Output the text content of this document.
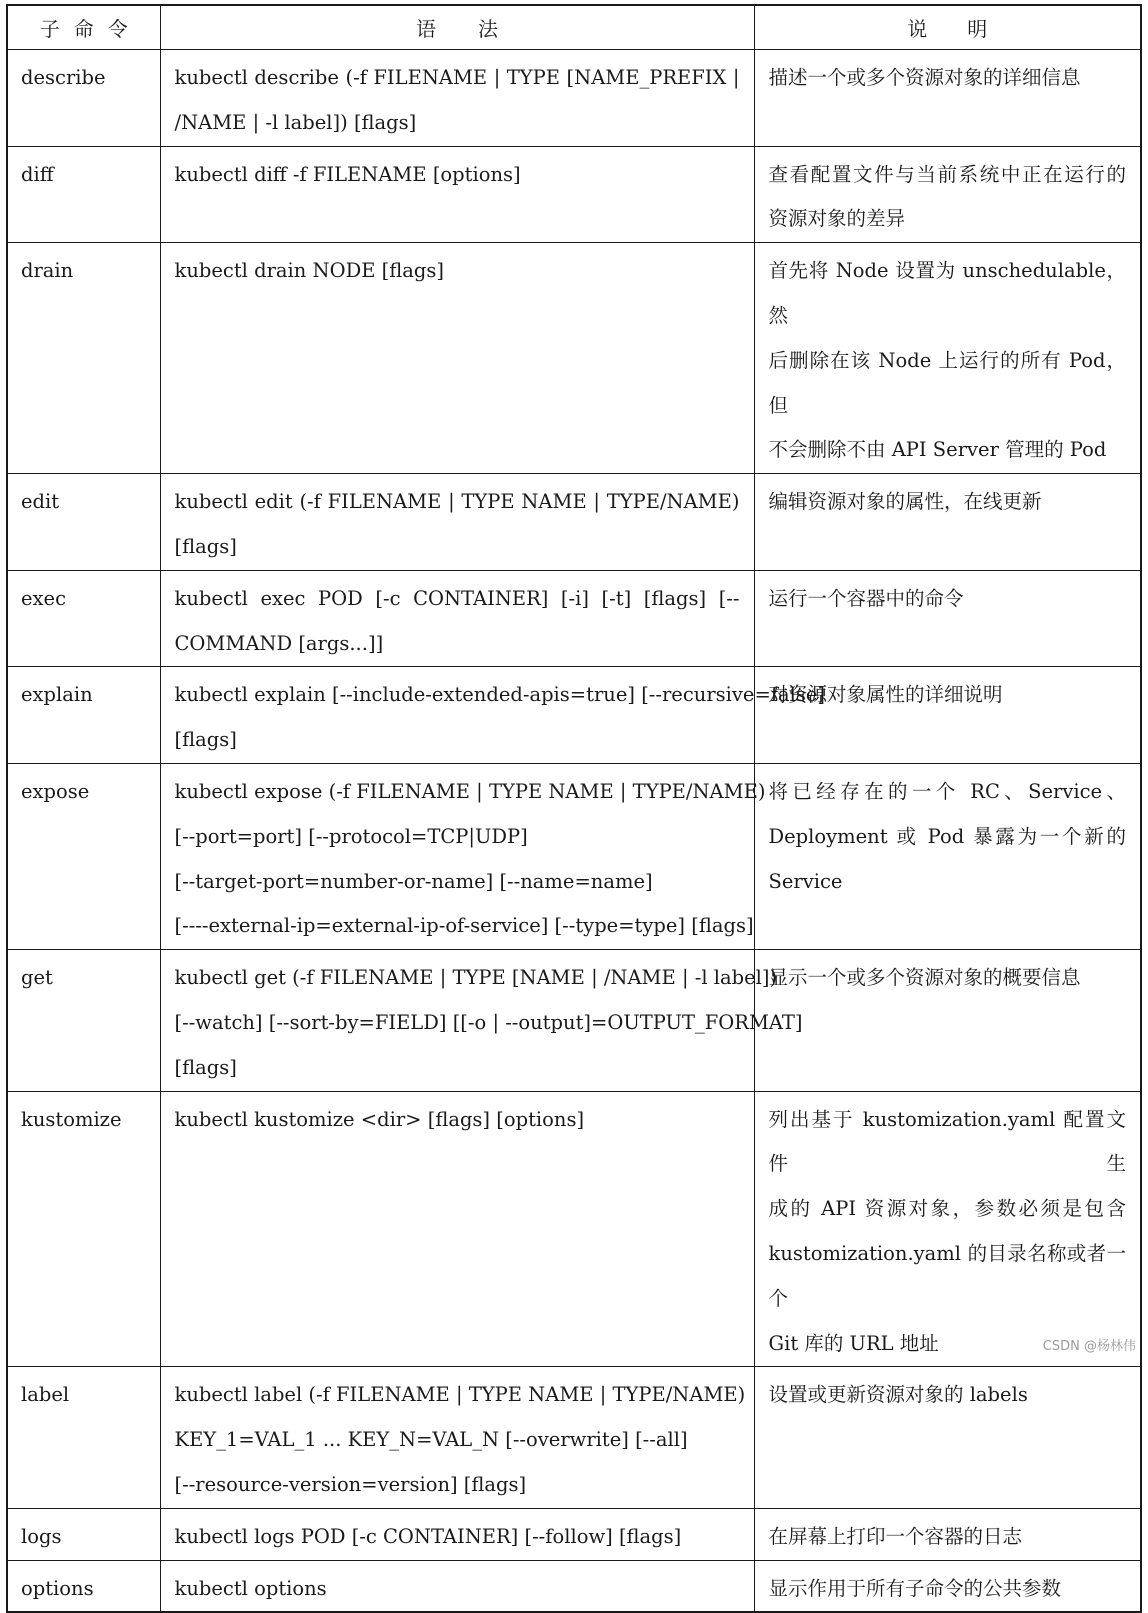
子命令	语法	说明
describe	kubectl describe (-f FILENAME | TYPE [NAME_PREFIX |
/NAME | -l label]) [flags]	描述一个或多个资源对象的详细信息

diff	kubectl diff -f FILENAME [options]	查看配置文件与当前系统中正在运行的
资源对象的差异

drain	kubectl drain NODE [flags]	首先将 Node 设置为 unschedulable，然
后删除在该 Node 上运行的所有 Pod，但
不会删除不由 API Server 管理的 Pod

edit	kubectl edit (-f FILENAME | TYPE NAME | TYPE/NAME)
[flags]	编辑资源对象的属性，在线更新

exec	kubectl exec POD [-c CONTAINER] [-i] [-t] [flags] [--
COMMAND [args...]]	运行一个容器中的命令

explain	kubectl explain [--include-extended-apis=true] [--recursive=false]
[flags]	对资源对象属性的详细说明

expose	kubectl expose (-f FILENAME | TYPE NAME | TYPE/NAME)
[--port=port] [--protocol=TCP|UDP]
[--target-port=number-or-name] [--name=name]
[----external-ip=external-ip-of-service] [--type=type] [flags]	将已经存在的一个 RC、Service、
Deployment 或 Pod 暴露为一个新的
Service

get	kubectl get (-f FILENAME | TYPE [NAME | /NAME | -l label])
[--watch] [--sort-by=FIELD] [[-o | --output]=OUTPUT_FORMAT]
[flags]	显示一个或多个资源对象的概要信息

kustomize	kubectl kustomize <dir> [flags] [options]	列出基于 kustomization.yaml 配置文件生
成的 API 资源对象，参数必须是包含
kustomization.yaml 的目录名称或者一个
Git 库的 URL 地址

label	kubectl label (-f FILENAME | TYPE NAME | TYPE/NAME)
KEY_1=VAL_1 ... KEY_N=VAL_N [--overwrite] [--all]
[--resource-version=version] [flags]	设置或更新资源对象的 labels

logs	kubectl logs POD [-c CONTAINER] [--follow] [flags]	在屏幕上打印一个容器的日志

options	kubectl options	显示作用于所有子命令的公共参数
CSDN @杨林伟
